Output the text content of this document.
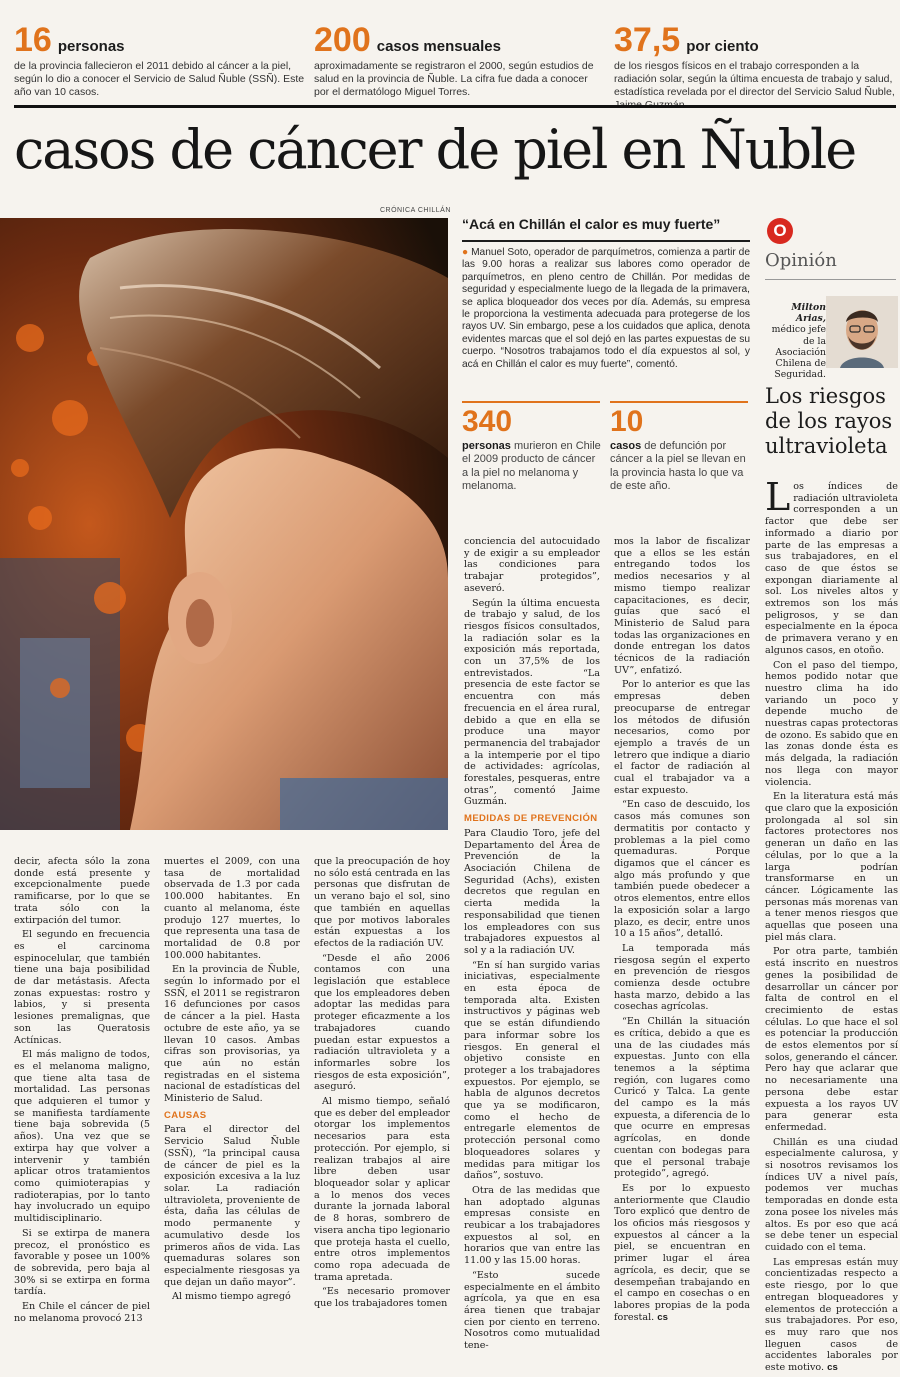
16 personas
de la provincia fallecieron el 2011 debido al cáncer a la piel, según lo dio a conocer el Servicio de Salud Ñuble (SSÑ). Este año van 10 casos.
200 casos mensuales
aproximadamente se registraron el 2000, según estudios de salud en la provincia de Ñuble. La cifra fue dada a conocer por el dermatólogo Miguel Torres.
37,5 por ciento
de los riesgos físicos en el trabajo corresponden a la radiación solar, según la última encuesta de trabajo y salud, estadística revelada por el director del Servicio Salud Ñuble,
casos de cáncer de piel en Ñuble
CRÓNICA CHILLÁN
“Acá en Chillán el calor es muy fuerte”
● Manuel Soto, operador de parquímetros, comienza a partir de las 9.00 horas a realizar sus labores como operador de parquímetros, en pleno centro de Chillán. Por medidas de seguridad y especialmente luego de la llegada de la primavera, se aplica bloqueador dos veces por día. Además, su empresa le proporciona la vestimenta adecuada para protegerse de los rayos UV. Sin embargo, pese a los cuidados que aplica, denota evidentes marcas que el sol dejó en las partes expuestas de su cuerpo. “Nosotros trabajamos todo el día expuestos al sol, y acá en Chillán el calor es muy fuerte”, comentó.
340
personas murieron en Chile el 2009 producto de cáncer a la piel no melanoma y melanoma.
10
casos de defunción por cáncer a la piel se llevan en la provincia hasta lo que va de este año.
O
Opinión
Milton Arias, médico jefe de la Asociación Chilena de Seguridad.
Los riesgos de los rayos ultravioleta

Los índices de radiación ultravioleta corresponden a un factor que debe ser informado a diario por parte de las empresas a sus trabajadores, en el caso de que éstos se expongan diariamente al sol. Los niveles altos y extremos son los más peligrosos, y se dan especialmente en la época de primavera verano y en algunos casos, en otoño.

Con el paso del tiempo, hemos podido notar que nuestro clima ha ido variando un poco y depende mucho de nuestras capas protectoras de ozono. Es sabido que en las zonas donde ésta es más delgada, la radiación nos llega con mayor violencia.

En la literatura está más que claro que la exposición prolongada al sol sin factores protectores nos generan un daño en las células, por lo que a la larga podrían transformarse en un cáncer. Lógicamente las personas más morenas van a tener menos riesgos que aquellas que poseen una piel más clara.

Por otra parte, también está inscrito en nuestros genes la posibilidad de desarrollar un cáncer por falta de control en el crecimiento de estas células. Lo que hace el sol es potenciar la producción de estos elementos por sí solos, generando el cáncer. Pero hay que aclarar que no necesariamente una persona debe estar expuesta a los rayos UV para generar esta enfermedad.

Chillán es una ciudad especialmente calurosa, y si nosotros revisamos los índices UV a nivel país, podemos ver muchas temporadas en donde esta zona posee los niveles más altos. Es por eso que acá se debe tener un especial cuidado con el tema.

Las empresas están muy concientizadas respecto a este riesgo, por lo que entregan bloqueadores y elementos de protección a sus trabajadores. Por eso, es muy raro que nos lleguen casos de accidentes laborales por este motivo. cs

decir, afecta sólo la zona donde está presente y excepcionalmente puede ramificarse, por lo que se trata sólo con la extirpación del tumor.

El segundo en frecuencia es el carcinoma espinocelular, que también tiene una baja posibilidad de dar metástasis. Afecta zonas expuestas: rostro y labios, y si presenta lesiones premalignas, que son las Queratosis Actínicas.

El más maligno de todos, es el melanoma maligno, que tiene alta tasa de mortalidad. Las personas que adquieren el tumor y se manifiesta tardíamente tiene baja sobrevida (5 años). Una vez que se extirpa hay que volver a intervenir y también aplicar otros tratamientos como quimioterapias y radioterapias, por lo tanto hay involucrado un equipo multidisciplinario.

Si se extirpa de manera precoz, el pronóstico es favorable y posee un 100% de sobrevida, pero baja al 30% si se extirpa en forma tardía.

En Chile el cáncer de piel no melanoma provocó 213

muertes el 2009, con una tasa de mortalidad observada de 1.3 por cada 100.000 habitantes. En cuanto al melanoma, éste produjo 127 muertes, lo que representa una tasa de mortalidad de 0.8 por 100.000 habitantes.

En la provincia de Ñuble, según lo informado por el SSÑ, el 2011 se registraron 16 defunciones por casos de cáncer a la piel. Hasta octubre de este año, ya se llevan 10 casos. Ambas cifras son provisorias, ya que aún no están registradas en el sistema nacional de estadísticas del Ministerio de Salud.

CAUSAS

Para el director del Servicio Salud Ñuble (SSÑ), “la principal causa de cáncer de piel es la exposición excesiva a la luz solar. La radiación ultravioleta, proveniente de ésta, daña las células de modo permanente y acumulativo desde los primeros años de vida. Las quemaduras solares son especialmente riesgosas ya que dejan un daño mayor”.

Al mismo tiempo agregó

que la preocupación de hoy no sólo está centrada en las personas que disfrutan de un verano bajo el sol, sino que también en aquellas que por motivos laborales están expuestas a los efectos de la radiación UV.

“Desde el año 2006 contamos con una legislación que establece que los empleadores deben adoptar las medidas para proteger eficazmente a los trabajadores cuando puedan estar expuestos a radiación ultravioleta y a informarles sobre los riesgos de esta exposición”, aseguró.

Al mismo tiempo, señaló que es deber del empleador otorgar los implementos necesarios para esta protección. Por ejemplo, si realizan trabajos al aire libre deben usar bloqueador solar y aplicar a lo menos dos veces durante la jornada laboral de 8 horas, sombrero de visera ancha tipo legionario que proteja hasta el cuello, entre otros implementos como ropa adecuada de trama apretada.

“Es necesario promover que los trabajadores tomen

conciencia del autocuidado y de exigir a su empleador las condiciones para trabajar protegidos”, aseveró.

Según la última encuesta de trabajo y salud, de los riesgos físicos consultados, la radiación solar es la exposición más reportada, con un 37,5% de los entrevistados. “La presencia de este factor se encuentra con más frecuencia en el área rural, debido a que en ella se produce una mayor permanencia del trabajador a la intemperie por el tipo de actividades: agrícolas, forestales, pesqueras, entre otras”, comentó Jaime Guzmán.

MEDIDAS DE PREVENCIÓN

Para Claudio Toro, jefe del Departamento del Área de Prevención de la Asociación Chilena de Seguridad (Achs), existen decretos que regulan en cierta medida la responsabilidad que tienen los empleadores con sus trabajadores expuestos al sol y a la radiación UV.

“En sí han surgido varias iniciativas, especialmente en esta época de temporada alta. Existen instructivos y páginas web que se están difundiendo para informar sobre los riesgos. En general el objetivo consiste en proteger a los trabajadores expuestos. Por ejemplo, se habla de algunos decretos que ya se modificaron, como el hecho de entregarle elementos de protección personal como bloqueadores solares y medidas para mitigar los daños”, sostuvo.

Otra de las medidas que han adoptado algunas empresas consiste en reubicar a los trabajadores expuestos al sol, en horarios que van entre las 11.00 y las 15.00 horas.

“Esto sucede especialmente en el ámbito agrícola, ya que en esa área tienen que trabajar cien por ciento en terreno. Nosotros como mutualidad tene-

mos la labor de fiscalizar que a ellos se les están entregando todos los medios necesarios y al mismo tiempo realizar capacitaciones, es decir, guías que sacó el Ministerio de Salud para todas las organizaciones en donde entregan los datos técnicos de la radiación UV”, enfatizó.

Por lo anterior es que las empresas deben preocuparse de entregar los métodos de difusión necesarios, como por ejemplo a través de un letrero que indique a diario el factor de radiación al cual el trabajador va a estar expuesto.

“En caso de descuido, los casos más comunes son dermatitis por contacto y problemas a la piel como quemaduras. Porque digamos que el cáncer es algo más profundo y que también puede obedecer a otros elementos, entre ellos la exposición solar a largo plazo, es decir, entre unos 10 a 15 años”, detalló.

La temporada más riesgosa según el experto en prevención de riesgos comienza desde octubre hasta marzo, debido a las cosechas agrícolas.

“En Chillán la situación es crítica, debido a que es una de las ciudades más expuestas. Junto con ella tenemos a la séptima región, con lugares como Curicó y Talca. La gente del campo es la más expuesta, a diferencia de lo que ocurre en empresas agrícolas, en donde cuentan con bodegas para que el personal trabaje protegido”, agregó.

Es por lo expuesto anteriormente que Claudio Toro explicó que dentro de los oficios más riesgosos y expuestos al cáncer a la piel, se encuentran en primer lugar el área agrícola, es decir, que se desempeñan trabajando en el campo en cosechas o en labores propias de la poda forestal. cs
